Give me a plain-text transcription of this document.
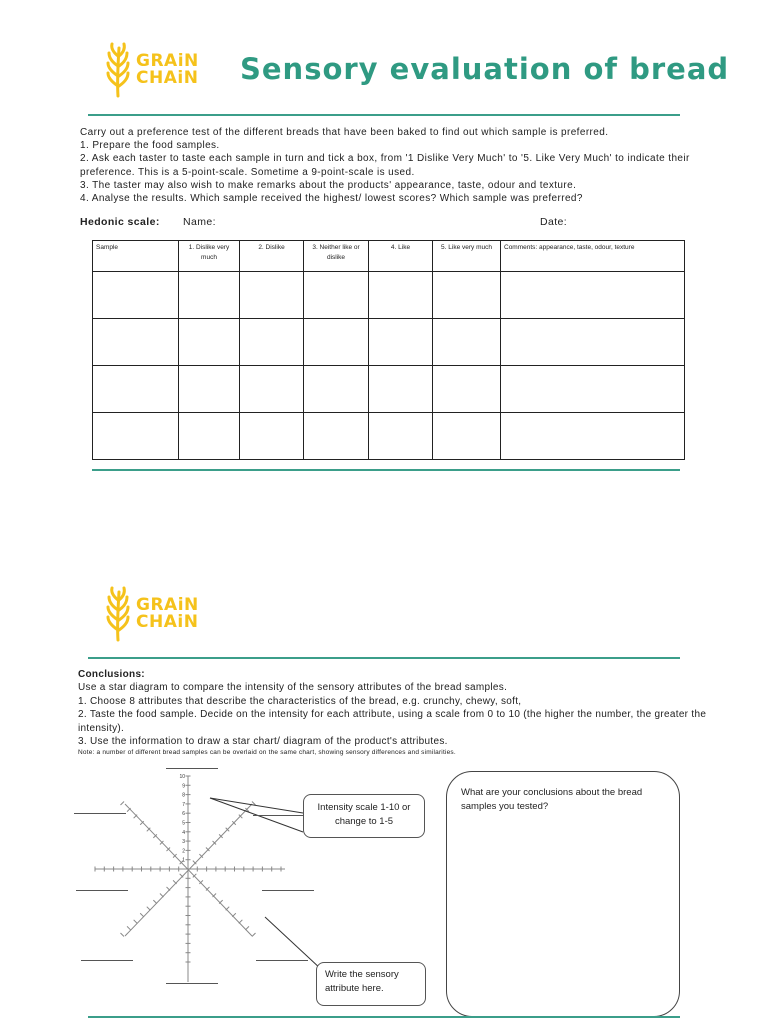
GRAiN
CHAiN Sensory evaluation of bread

Carry out a preference test of the different breads that have been baked to find out which sample is preferred.

1. Prepare the food samples.

2. Ask each taster to taste each sample in turn and tick a box, from '1 Dislike Very Much' to '5. Like Very Much' to indicate their

preference. This is a 5-point-scale. Sometime a 9-point-scale is used.

3. The taster may also wish to make remarks about the products' appearance, taste, odour and texture.

4. Analyse the results. Which sample received the highest/ lowest scores? Which sample was preferred?

Hedonic scale: Name:	Date:
Sample	1. Dislike very much	2. Dislike	3. Neither like or dislike	4. Like	5. Like very much	Comments: appearance, taste, odour, texture

GRAiN
CHAiN

Conclusions:

Use a star diagram to compare the intensity of the sensory attributes of the bread samples.

1. Choose 8 attributes that describe the characteristics of the bread, e.g. crunchy, chewy, soft,

2. Taste the food sample. Decide on the intensity for each attribute, using a scale from 0 to 10 (the higher the number, the greater the

intensity).

3. Use the information to draw a star chart/ diagram of the product's attributes.

Note: a number of different bread samples can be overlaid on the same chart, showing sensory differences and similarities.

10
9
8
7
6
5
4
3
2
1
Intensity scale 1-10 or
change to 1-5
Write the sensory
attribute here.

What are your conclusions about the bread samples you tested?
